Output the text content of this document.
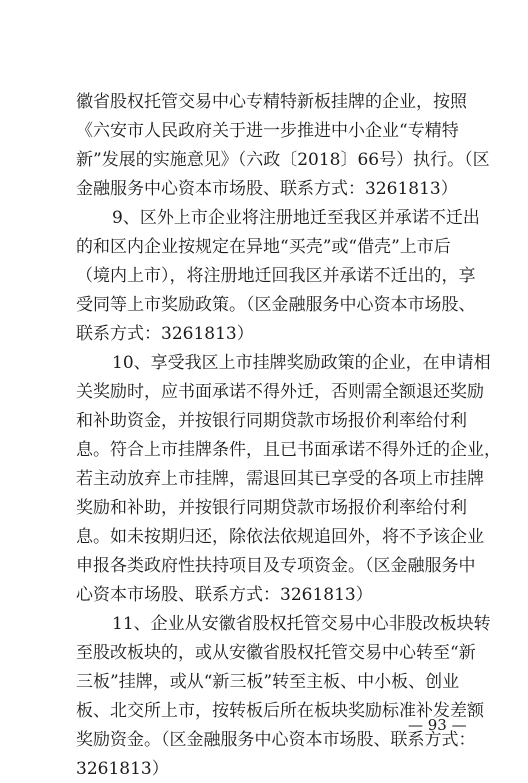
徽省股权托管交易中心专精特新板挂牌的企业，按照
《六安市人民政府关于进一步推进中小企业“专精特
新”发展的实施意见》（六政〔2018〕66号）执行。（区
金融服务中心资本市场股、联系方式：3261813）
9、区外上市企业将注册地迁至我区并承诺不迁出
的和区内企业按规定在异地“买壳”或“借壳”上市后
（境内上市），将注册地迁回我区并承诺不迁出的，享
受同等上市奖励政策。（区金融服务中心资本市场股、
联系方式：3261813）
10、享受我区上市挂牌奖励政策的企业，在申请相
关奖励时，应书面承诺不得外迁，否则需全额退还奖励
和补助资金，并按银行同期贷款市场报价利率给付利
息。符合上市挂牌条件，且已书面承诺不得外迁的企业，
若主动放弃上市挂牌，需退回其已享受的各项上市挂牌
奖励和补助，并按银行同期贷款市场报价利率给付利
息。如未按期归还，除依法依规追回外，将不予该企业
申报各类政府性扶持项目及专项资金。（区金融服务中
心资本市场股、联系方式：3261813）
11、企业从安徽省股权托管交易中心非股改板块转
至股改板块的，或从安徽省股权托管交易中心转至“新
三板”挂牌，或从“新三板”转至主板、中小板、创业
板、北交所上市，按转板后所在板块奖励标准补发差额
奖励资金。（区金融服务中心资本市场股、联系方式：
3261813）
— 93 —
